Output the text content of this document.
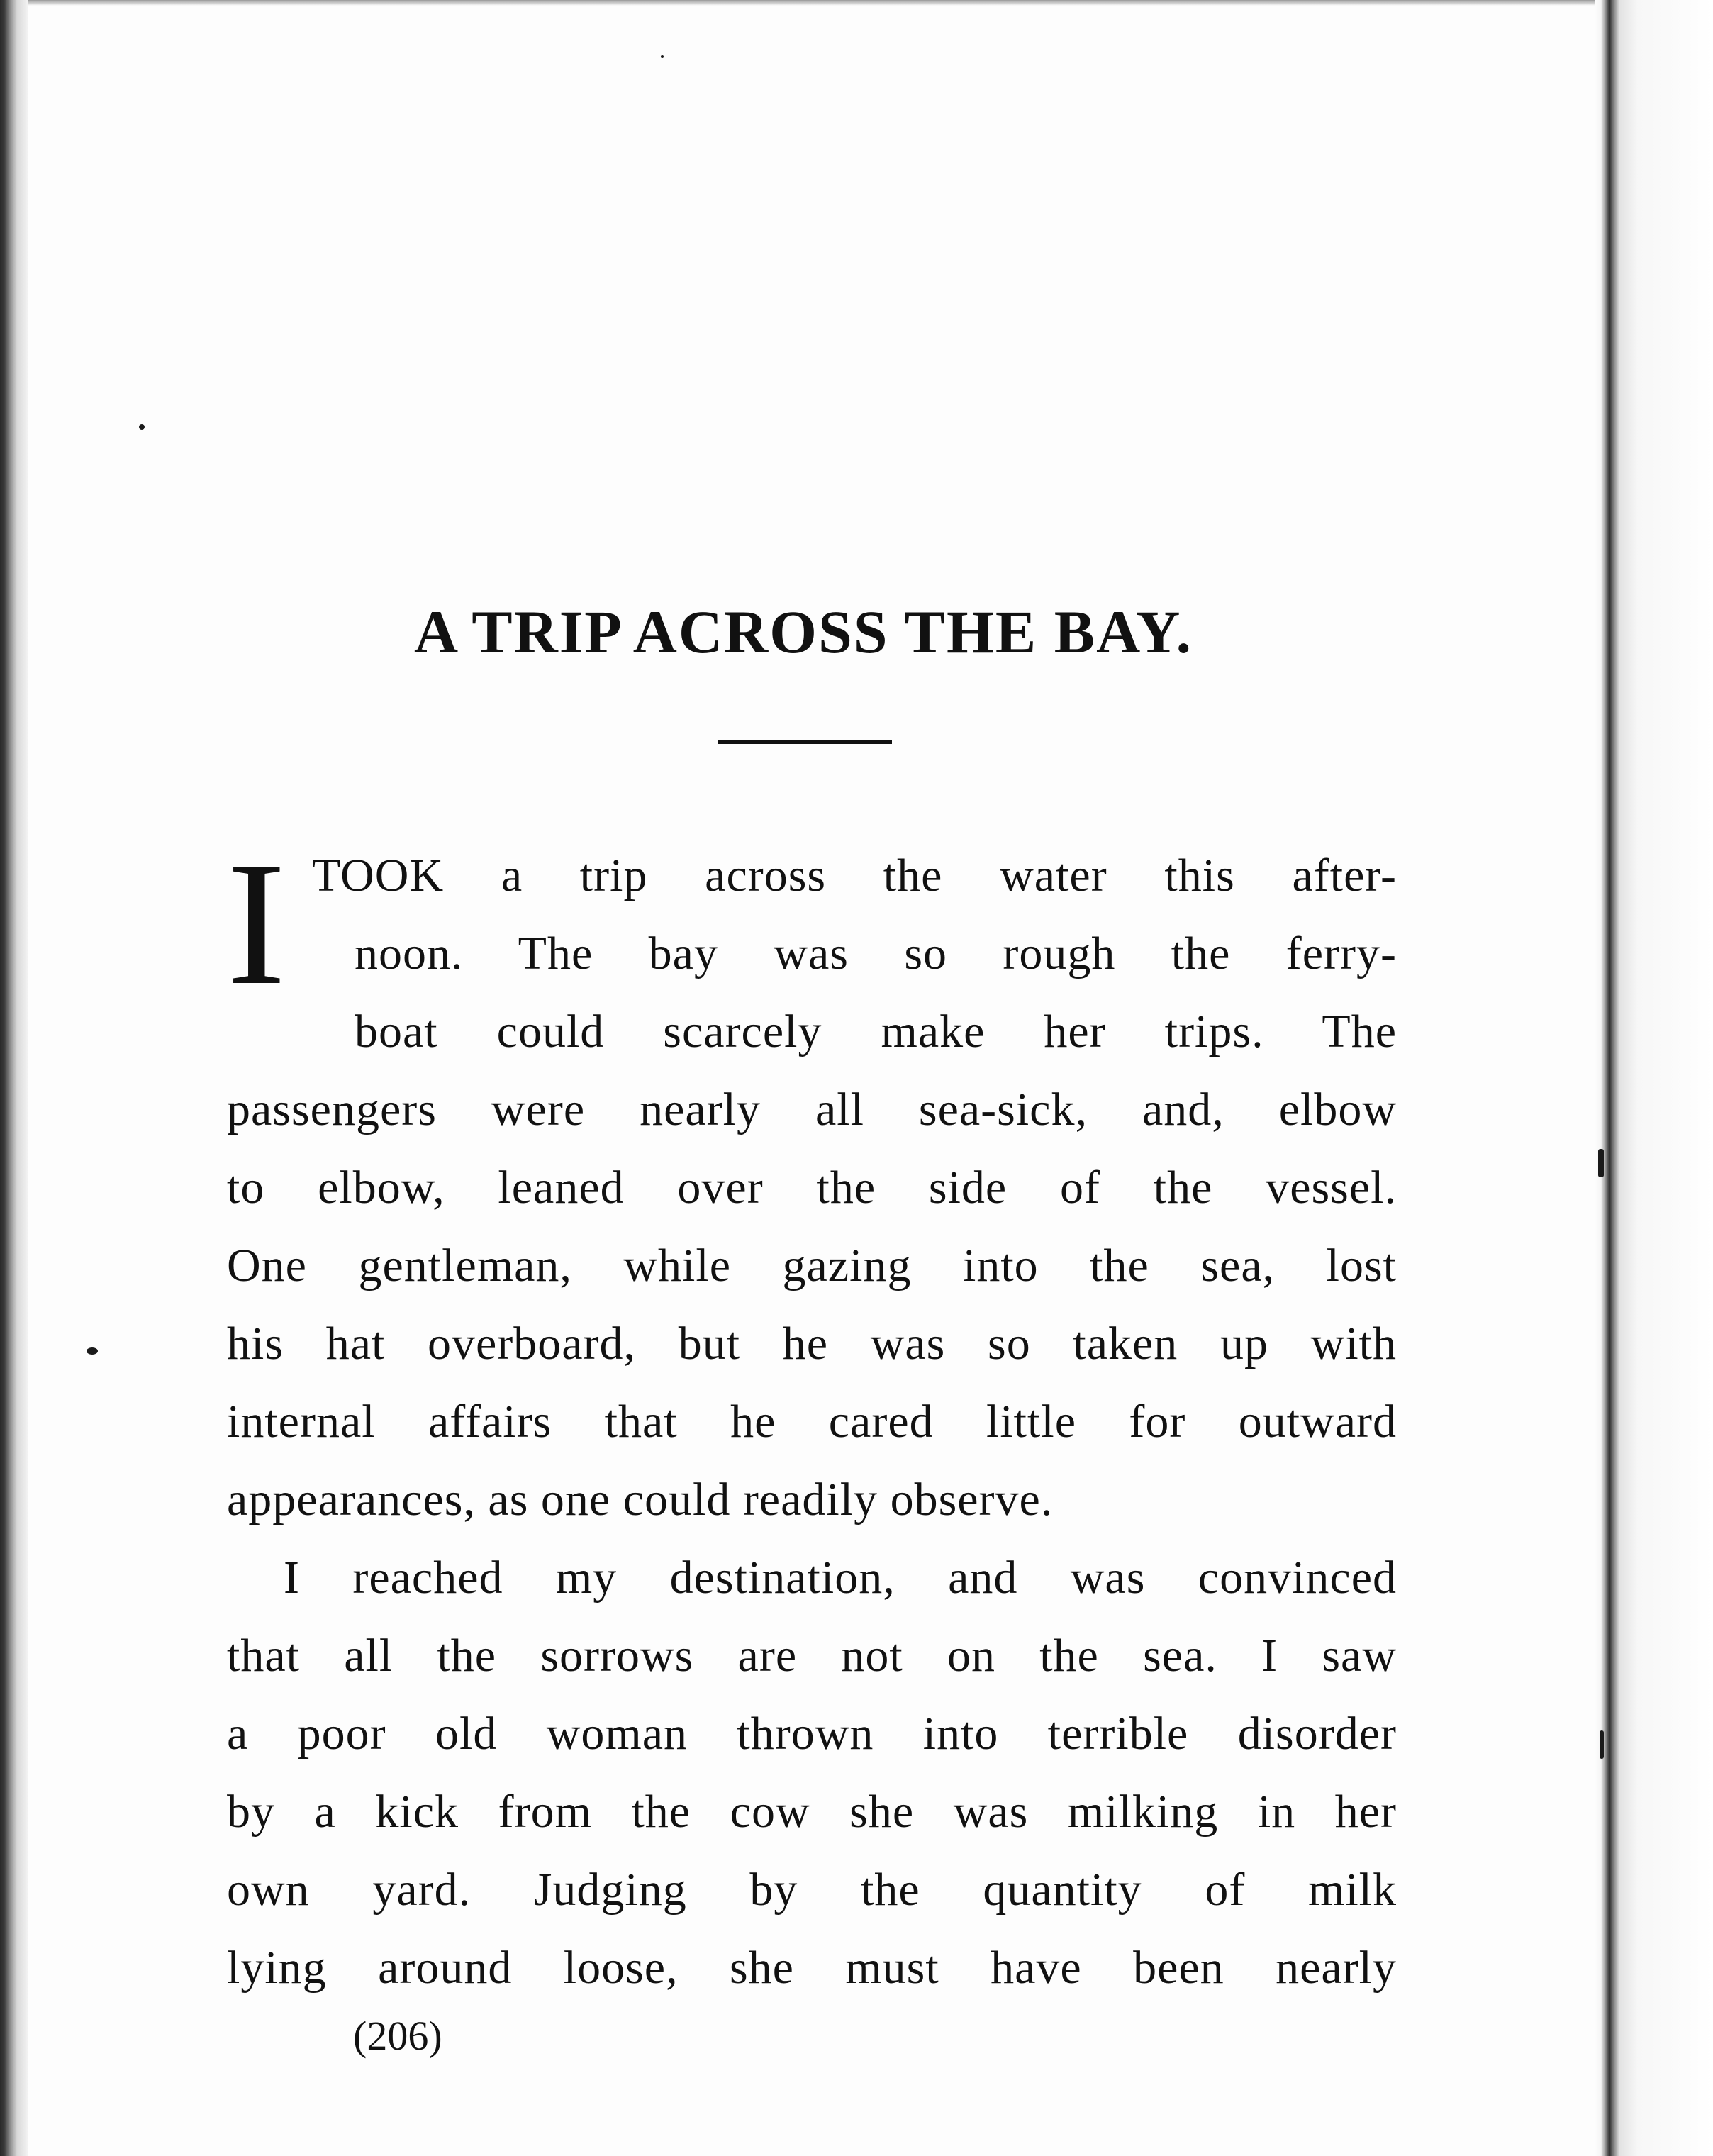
A TRIP ACROSS THE BAY.
I TOOK a trip across the water this after-
noon. The bay was so rough the ferry-
boat could scarcely make her trips. The
passengers were nearly all sea-sick, and, elbow
to elbow, leaned over the side of the vessel.
One gentleman, while gazing into the sea, lost
his hat overboard, but he was so taken up with
internal affairs that he cared little for outward
appearances, as one could readily observe.
I reached my destination, and was convinced
that all the sorrows are not on the sea. I saw
a poor old woman thrown into terrible disorder
by a kick from the cow she was milking in her
own yard. Judging by the quantity of milk
lying around loose, she must have been nearly
(206)
